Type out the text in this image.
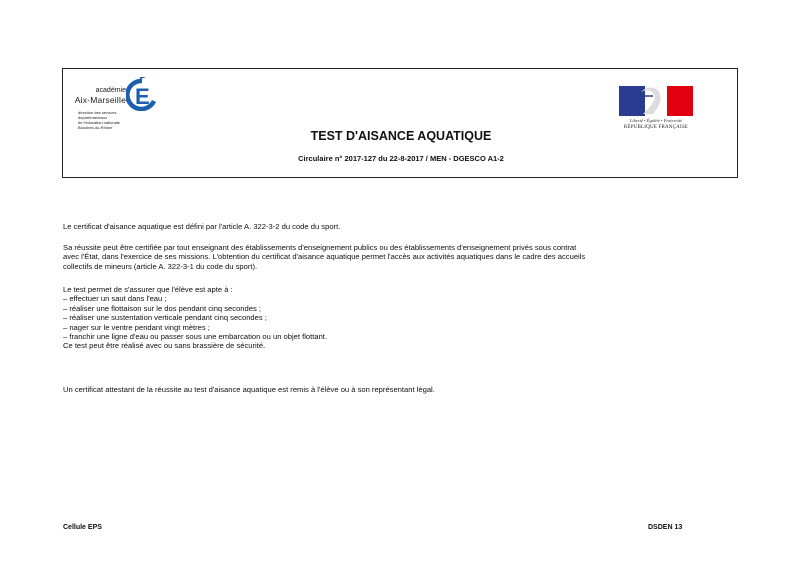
académie
Aix-Marseille E
direction des services
départementaux
de l'éducation nationale
Bouches-du-Rhône
Liberté • Égalité • Fraternité
RÉPUBLIQUE FRANÇAISE
TEST D'AISANCE AQUATIQUE
Circulaire n° 2017-127 du 22-8-2017 / MEN - DGESCO A1-2

Le certificat d'aisance aquatique est défini par l'article A. 322-3-2 du code du sport.

Sa réussite peut être certifiée par tout enseignant des établissements d'enseignement publics ou des établissements d'enseignement privés sous contrat

avec l'État, dans l'exercice de ses missions. L'obtention du certificat d'aisance aquatique permet l'accès aux activités aquatiques dans le cadre des accueils

collectifs de mineurs (article A. 322-3-1 du code du sport).

Le test permet de s'assurer que l'élève est apte à :

– effectuer un saut dans l'eau ;

– réaliser une flottaison sur le dos pendant cinq secondes ;

– réaliser une sustentation verticale pendant cinq secondes ;

– nager sur le ventre pendant vingt mètres ;

– franchir une ligne d'eau ou passer sous une embarcation ou un objet flottant.

Ce test peut être réalisé avec ou sans brassière de sécurité.

Un certificat attestant de la réussite au test d'aisance aquatique est remis à l'élève ou à son représentant légal.

Cellule EPS	DSDEN 13
